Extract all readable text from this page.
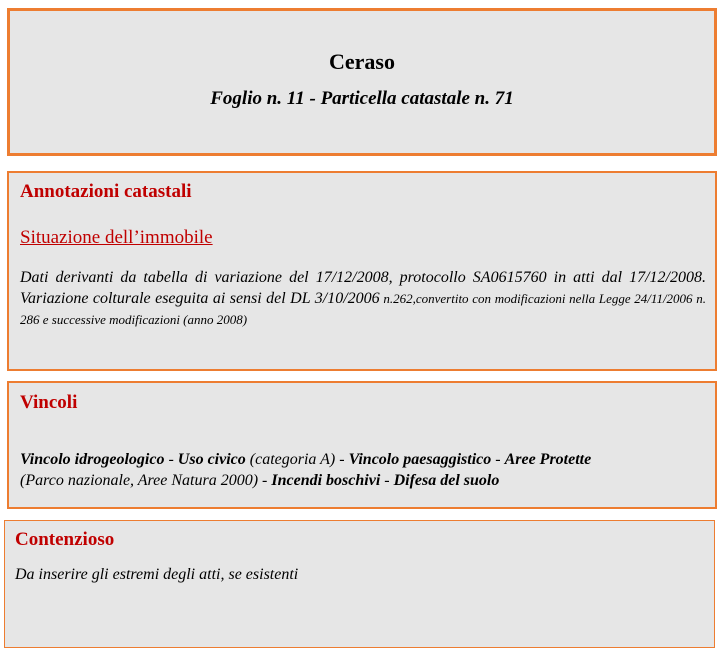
Ceraso
Foglio n. 11 - Particella catastale n. 71
Annotazioni catastali
Situazione dell’immobile
Dati derivanti da tabella di variazione del 17/12/2008, protocollo SA0615760 in atti dal 17/12/2008. Variazione colturale eseguita ai sensi del DL 3/10/2006 n.262,convertito con modificazioni nella Legge 24/11/2006 n. 286 e successive modificazioni (anno 2008)
Vincoli
Vincolo idrogeologico - Uso civico (categoria A) - Vincolo paesaggistico - Aree Protette
(Parco nazionale, Aree Natura 2000) - Incendi boschivi - Difesa del suolo
Contenzioso
Da inserire gli estremi degli atti, se esistenti
